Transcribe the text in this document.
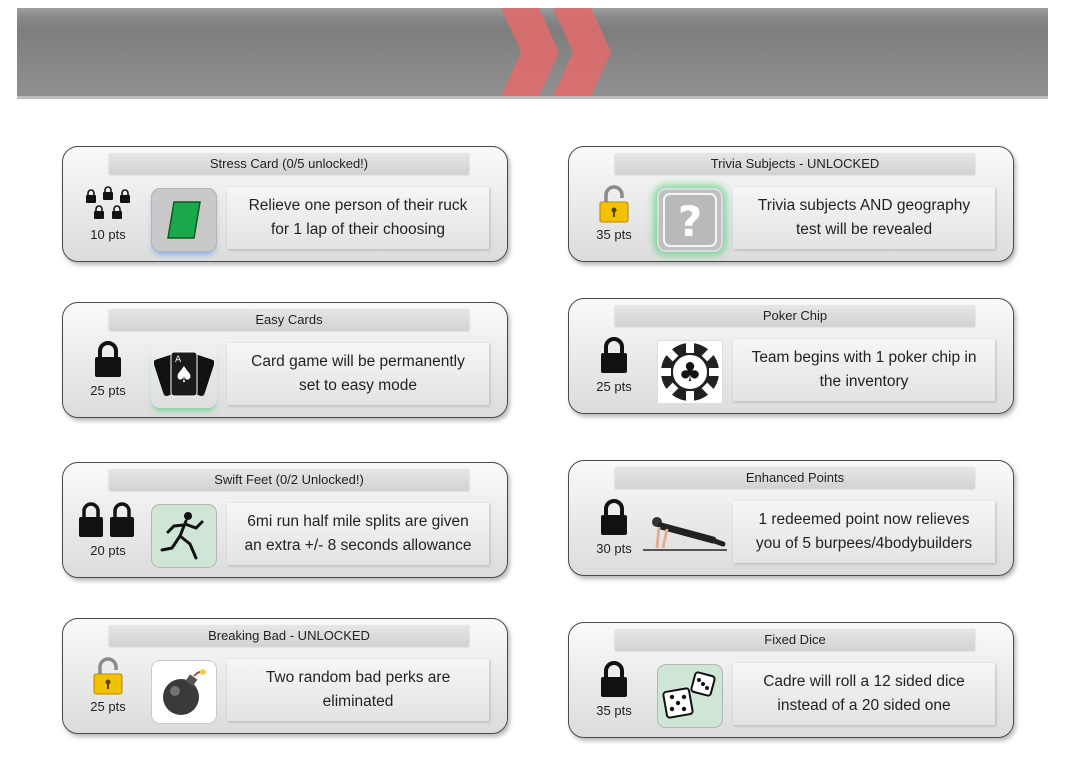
Stress Card (0/5 unlocked!)
10 pts
Relieve one person of their ruck
for 1 lap of their choosing
Trivia Subjects - UNLOCKED
35 pts ?	Trivia subjects AND geography
test will be revealed
Easy Cards
25 pts
A
♠
Card game will be permanently
set to easy mode
Poker Chip
25 pts ♣
Team begins with 1 poker chip in
the inventory
Swift Feet (0/2 Unlocked!)
20 pts
6mi run half mile splits are given
an extra +/- 8 seconds allowance
Enhanced Points
30 pts
1 redeemed point now relieves
you of 5 burpees/4bodybuilders
Breaking Bad - UNLOCKED
25 pts
Two random bad perks are
eliminated
Fixed Dice
35 pts
Cadre will roll a 12 sided dice
instead of a 20 sided one
